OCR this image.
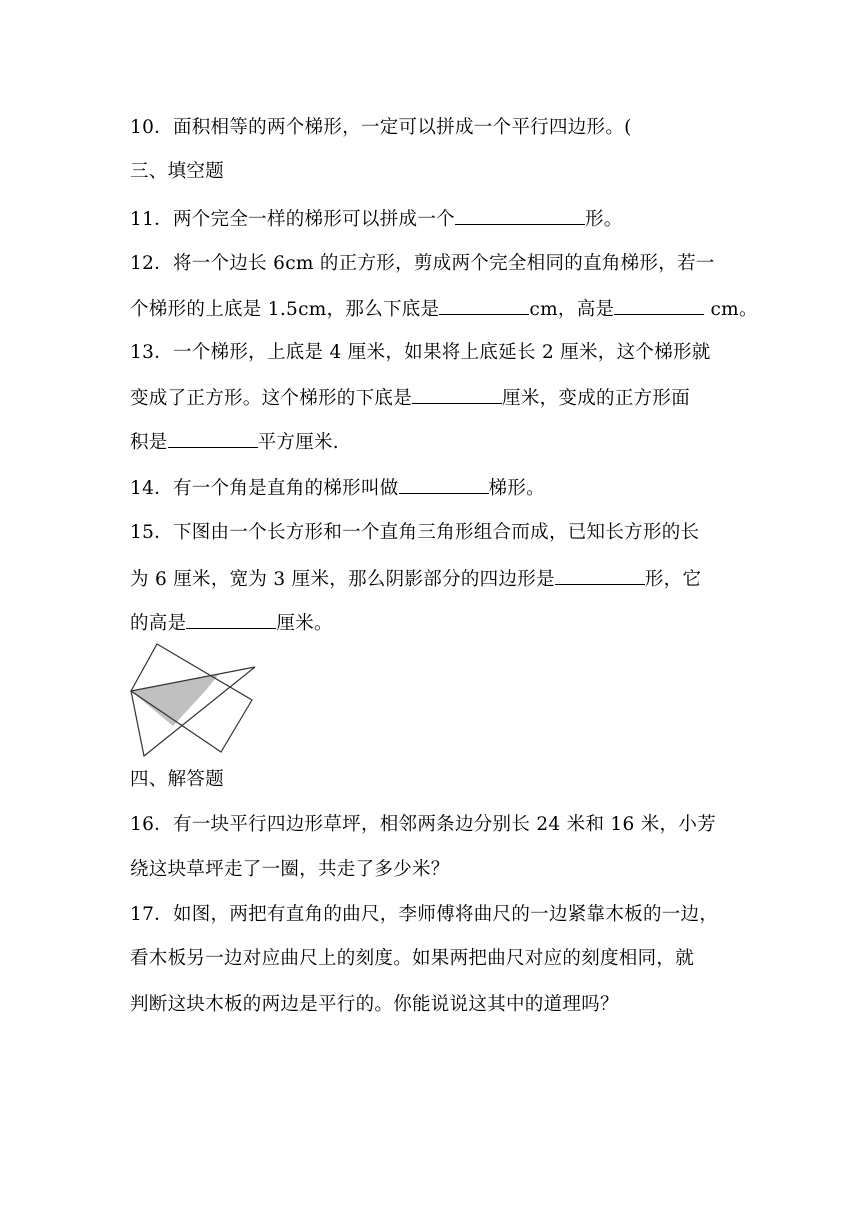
10．面积相等的两个梯形，一定可以拼成一个平行四边形。(
三、填空题
11．两个完全一样的梯形可以拼成一个	形。
12．将一个边长 6cm 的正方形，剪成两个完全相同的直角梯形，若一
个梯形的上底是 1.5cm，那么下底是	cm，高是	cm。
13．一个梯形，上底是 4 厘米，如果将上底延长 2 厘米，这个梯形就
变成了正方形。这个梯形的下底是	厘米，变成的正方形面
积是	平方厘米.
14．有一个角是直角的梯形叫做	梯形。
15．下图由一个长方形和一个直角三角形组合而成，已知长方形的长
为 6 厘米，宽为 3 厘米，那么阴影部分的四边形是	形，它
的高是	厘米。
四、解答题
16．有一块平行四边形草坪，相邻两条边分别长 24 米和 16 米，小芳
绕这块草坪走了一圈，共走了多少米？
17．如图，两把有直角的曲尺，李师傅将曲尺的一边紧靠木板的一边，
看木板另一边对应曲尺上的刻度。如果两把曲尺对应的刻度相同，就
判断这块木板的两边是平行的。你能说说这其中的道理吗？
